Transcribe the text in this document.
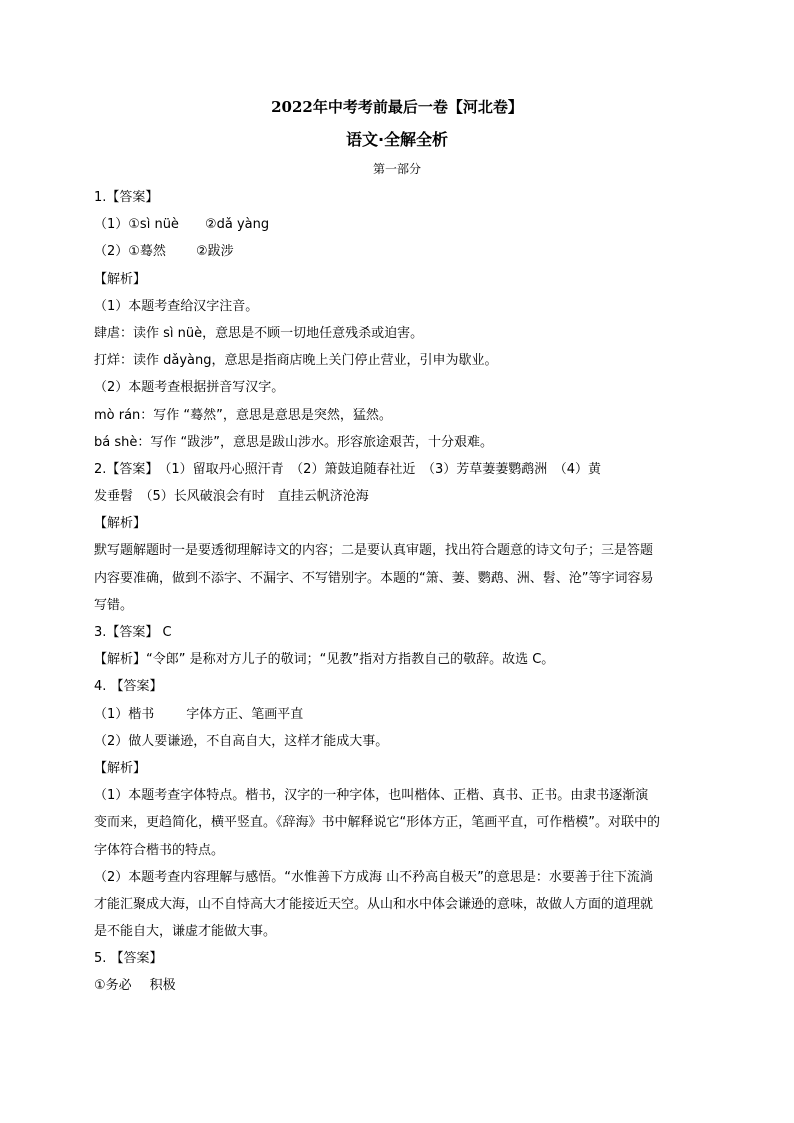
2022年中考考前最后一卷【河北卷】
语文·全解全析
第一部分
1.【答案】
（1）①sì nüè ②dǎ yàng
（2）①蓦然 ②跋涉
【解析】
（1）本题考查给汉字注音。
肆虐：读作 sì nüè，意思是不顾一切地任意残杀或迫害。
打烊：读作 dǎyàng，意思是指商店晚上关门停止营业，引申为歇业。
（2）本题考查根据拼音写汉字。
mò rán：写作 “蓦然”，意思是意思是突然，猛然。
bá shè：写作 “跋涉”，意思是跋山涉水。形容旅途艰苦，十分艰难。
2.【答案】　（1）留取丹心照汗青　（2）箫鼓追随春社近　（3）芳草萋萋鹦鹉洲　（4）黄
发垂髫　（5）长风破浪会有时　直挂云帆济沧海
【解析】
默写题解题时一是要透彻理解诗文的内容；二是要认真审题，找出符合题意的诗文句子；三是答题
内容要准确，做到不添字、不漏字、不写错别字。本题的“箫、萋、鹦鹉、洲、髫、沧”等字词容易
写错。
3.【答案】 C
【解析】“令郎” 是称对方儿子的敬词；“见教”指对方指教自己的敬辞。故选 C。
4. 【答案】
（1）楷书 字体方正、笔画平直
（2）做人要谦逊，不自高自大，这样才能成大事。
【解析】
（1）本题考查字体特点。楷书，汉字的一种字体，也叫楷体、正楷、真书、正书。由隶书逐渐演
变而来，更趋简化，横平竖直。《辞海》书中解释说它“形体方正，笔画平直，可作楷模”。对联中的
字体符合楷书的特点。
（2）本题考查内容理解与感悟。“水惟善下方成海 山不矜高自极天”的意思是：水要善于往下流淌
才能汇聚成大海，山不自恃高大才能接近天空。从山和水中体会谦逊的意味，故做人方面的道理就
是不能自大，谦虚才能做大事。
5. 【答案】
①务必 积极
